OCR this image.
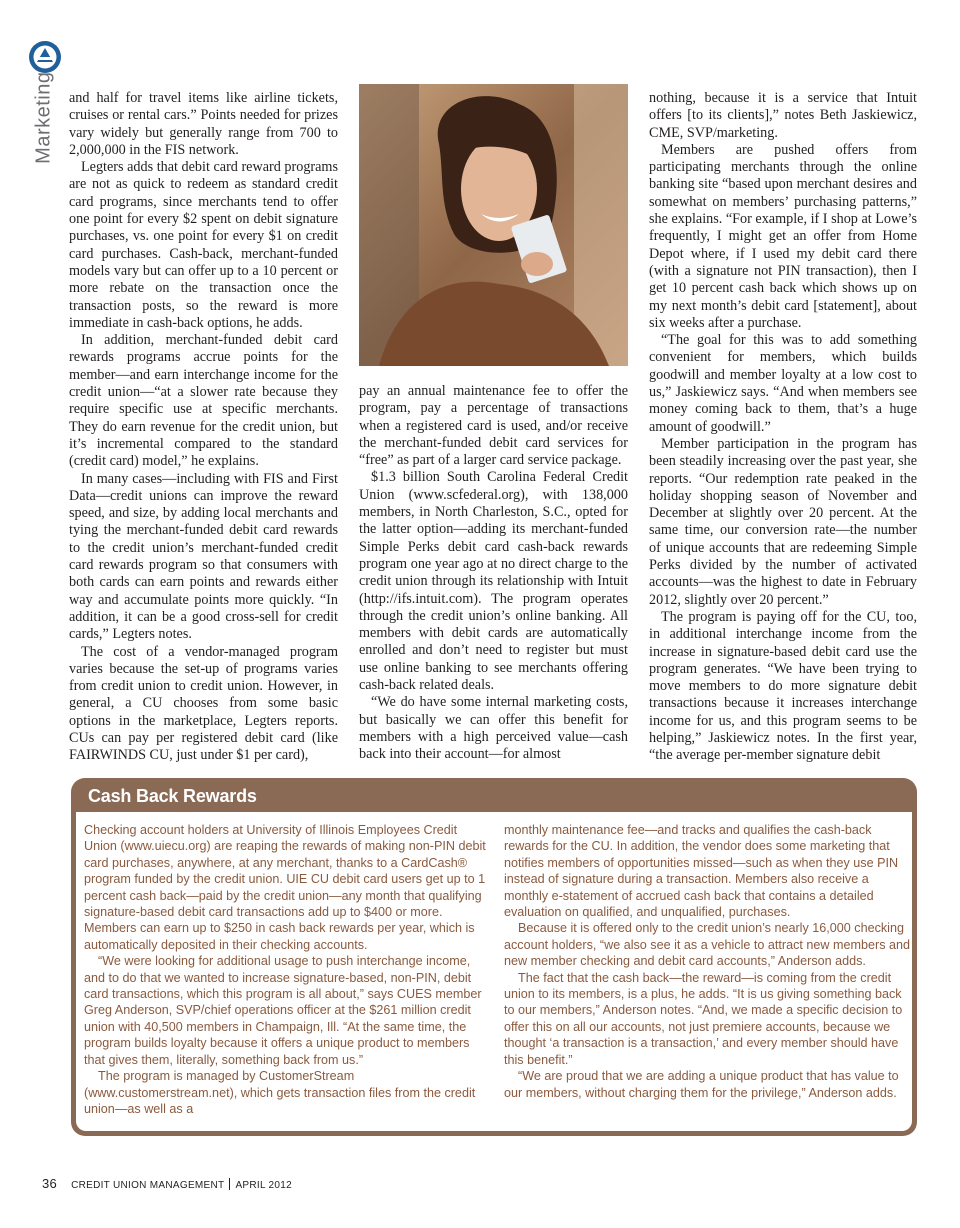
Marketing and half for travel items like airline tickets, cruises or rental cars.” Points needed for prizes vary widely but generally range from 700 to 2,000,000 in the FIS network.

Legters adds that debit card reward programs are not as quick to redeem as standard credit card programs, since merchants tend to offer one point for every $2 spent on debit signature purchases, vs. one point for every $1 on credit card purchases. Cash-back, merchant-funded models vary but can offer up to a 10 percent or more rebate on the transaction once the transaction posts, so the reward is more immediate in cash-back options, he adds.

In addition, merchant-funded debit card rewards programs accrue points for the member—and earn interchange income for the credit union—“at a slower rate because they require specific use at specific merchants. They do earn revenue for the credit union, but it’s incremental compared to the standard (credit card) model,” he explains.

In many cases—including with FIS and First Data—credit unions can improve the reward speed, and size, by adding local merchants and tying the merchant-funded debit card rewards to the credit union’s merchant-funded credit card rewards program so that consumers with both cards can earn points and rewards either way and accumulate points more quickly. “In addition, it can be a good cross-sell for credit cards,” Legters notes.

The cost of a vendor-managed program varies because the set-up of programs varies from credit union to credit union. However, in general, a CU chooses from some basic options in the marketplace, Legters reports. CUs can pay per registered debit card (like FAIRWINDS CU, just under $1 per card),

pay an annual maintenance fee to offer the program, pay a percentage of transactions when a registered card is used, and/or receive the merchant-funded debit card services for “free” as part of a larger card service package.

$1.3 billion South Carolina Federal Credit Union (www.scfederal.org), with 138,000 members, in North Charleston, S.C., opted for the latter option—adding its merchant-funded Simple Perks debit card cash-back rewards program one year ago at no direct charge to the credit union through its relationship with Intuit (http://ifs.intuit.com). The program operates through the credit union’s online banking. All members with debit cards are automatically enrolled and don’t need to register but must use online banking to see merchants offering cash-back related deals.

“We do have some internal marketing costs, but basically we can offer this benefit for members with a high perceived value—cash back into their account—for almost

nothing, because it is a service that Intuit offers [to its clients],” notes Beth Jaskiewicz, CME, SVP/marketing.

Members are pushed offers from participating merchants through the online banking site “based upon merchant desires and somewhat on members’ purchasing patterns,” she explains. “For example, if I shop at Lowe’s frequently, I might get an offer from Home Depot where, if I used my debit card there (with a signature not PIN transaction), then I get 10 percent cash back which shows up on my next month’s debit card [statement], about six weeks after a purchase.

“The goal for this was to add something convenient for members, which builds goodwill and member loyalty at a low cost to us,” Jaskiewicz says. “And when members see money coming back to them, that’s a huge amount of goodwill.”

Member participation in the program has been steadily increasing over the past year, she reports. “Our redemption rate peaked in the holiday shopping season of November and December at slightly over 20 percent. At the same time, our conversion rate—the number of unique accounts that are redeeming Simple Perks divided by the number of activated accounts—was the highest to date in February 2012, slightly over 20 percent.”

The program is paying off for the CU, too, in additional interchange income from the increase in signature-based debit card use the program generates. “We have been trying to move members to do more signature debit transactions because it increases interchange income for us, and this program seems to be helping,” Jaskiewicz notes. In the first year, “the average per-member signature debit

Cash Back Rewards

Checking account holders at University of Illinois Employees Credit Union (www.uiecu.org) are reaping the rewards of making non-PIN debit card purchases, anywhere, at any merchant, thanks to a CardCash® program funded by the credit union. UIE CU debit card users get up to 1 percent cash back—paid by the credit union—any month that qualifying signature-based debit card transactions add up to $400 or more. Members can earn up to $250 in cash back rewards per year, which is automatically deposited in their checking accounts.

“We were looking for additional usage to push interchange income, and to do that we wanted to increase signature-based, non-PIN, debit card transactions, which this program is all about,” says CUES member Greg Anderson, SVP/chief operations officer at the $261 million credit union with 40,500 members in Champaign, Ill. “At the same time, the program builds loyalty because it offers a unique product to members that gives them, literally, something back from us.”

The program is managed by CustomerStream (www.customerstream.net), which gets transaction files from the credit union—as well as a

monthly maintenance fee—and tracks and qualifies the cash-back rewards for the CU. In addition, the vendor does some marketing that notifies members of opportunities missed—such as when they use PIN instead of signature during a transaction. Members also receive a monthly e-statement of accrued cash back that contains a detailed evaluation on qualified, and unqualified, purchases.

Because it is offered only to the credit union’s nearly 16,000 checking account holders, “we also see it as a vehicle to attract new members and new member checking and debit card accounts,” Anderson adds.

The fact that the cash back—the reward—is coming from the credit union to its members, is a plus, he adds. “It is us giving something back to our members,” Anderson notes. “And, we made a specific decision to offer this on all our accounts, not just premiere accounts, because we thought ‘a transaction is a transaction,’ and every member should have this benefit.”

“We are proud that we are adding a unique product that has value to our members, without charging them for the privilege,” Anderson adds.

36 CREDIT UNION MANAGEMENT APRIL 2012
